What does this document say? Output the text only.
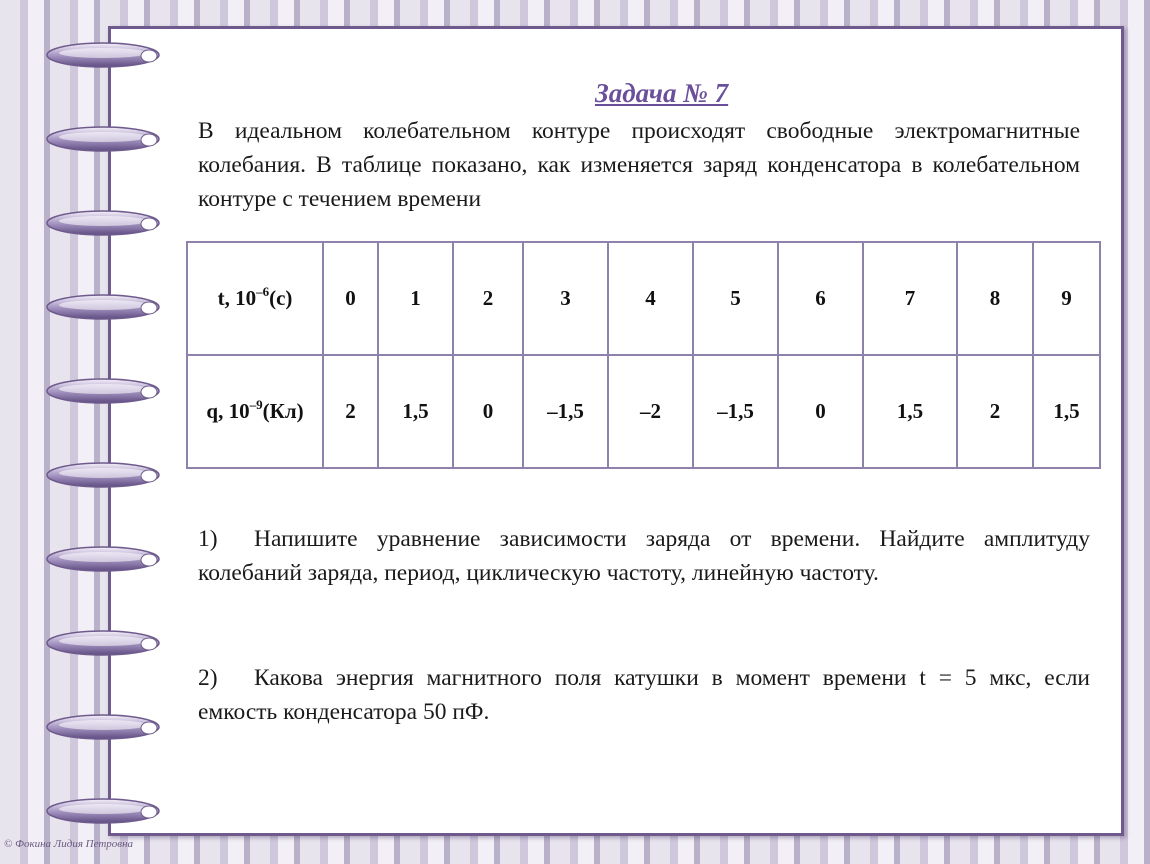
Задача № 7
В идеальном колебательном контуре происходят свободные электромагнитные колебания. В таблице показано, как изменяется заряд конденсатора в колебательном контуре с течением времени
t, $10^{-6}(с)$	0	1	2	3	4	5	6	7	8	9
q, $10^{-9}(Кл)$	2	1,5	0	–1,5	–2	–1,5	0	1,5	2	1,5
1) Напишите уравнение зависимости заряда от времени. Найдите амплитуду колебаний заряда, период, циклическую частоту, линейную частоту.
2) Какова энергия магнитного поля катушки в момент времени t = 5 мкс, если емкость конденсатора 50 пФ.
© Фокина Лидия Петровна
